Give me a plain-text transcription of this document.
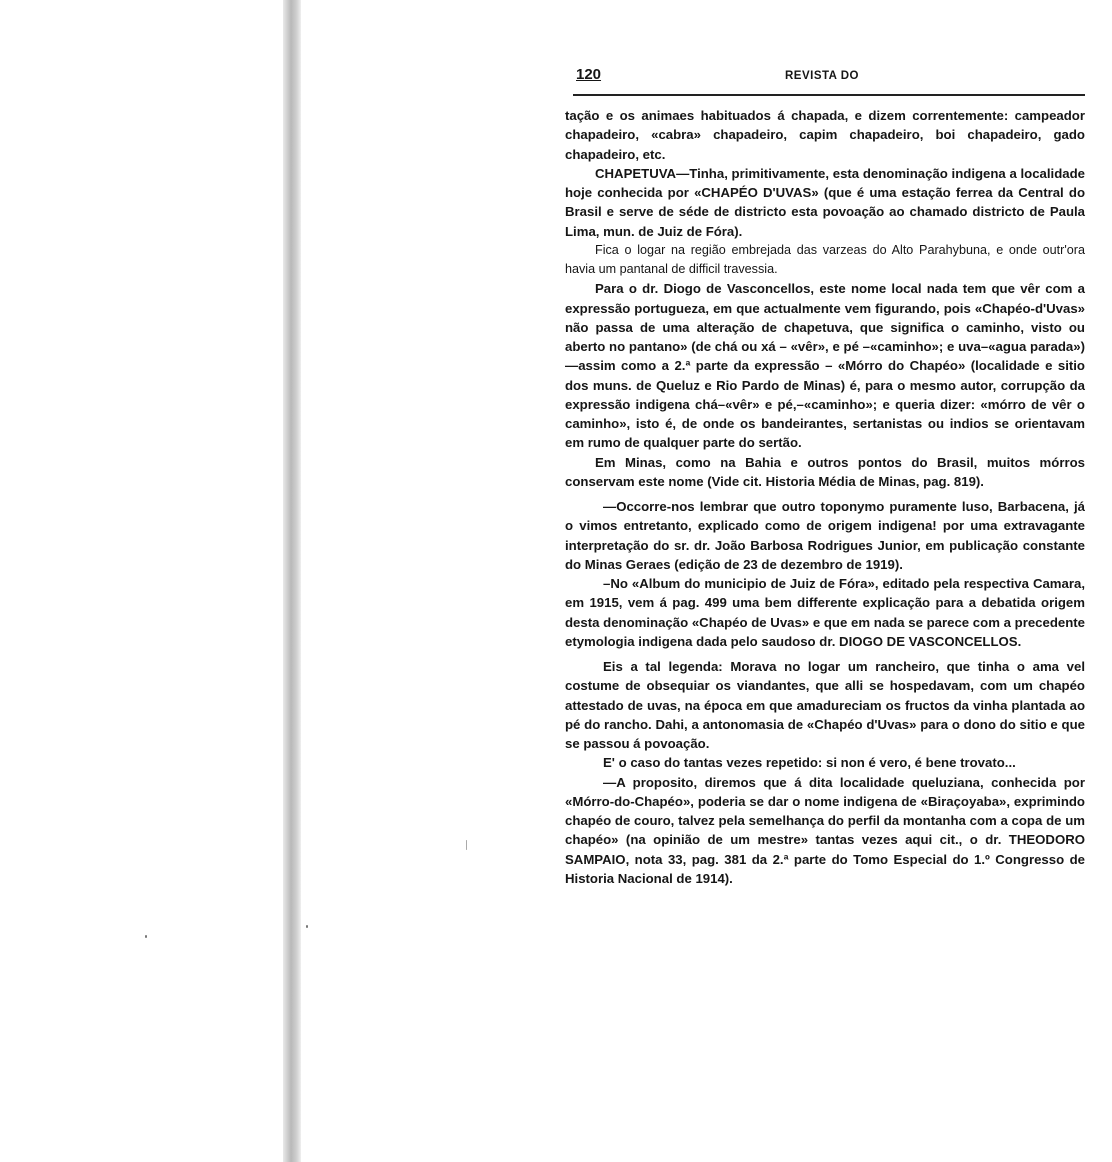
120	REVISTA DO

tação e os animaes habituados á chapada, e dizem correntemente: campeador chapadeiro, «cabra» chapadeiro, capim chapadeiro, boi chapadeiro, gado chapadeiro, etc.

CHAPETUVA—Tinha, primitivamente, esta denominação indigena a localidade hoje conhecida por «CHAPÉO D'UVAS» (que é uma estação ferrea da Central do Brasil e serve de séde de districto esta povoação ao chamado districto de Paula Lima, mun. de Juiz de Fóra).

Fica o logar na região embrejada das varzeas do Alto Parahybuna, e onde outr'ora havia um pantanal de difficil travessia.

Para o dr. Diogo de Vasconcellos, este nome local nada tem que vêr com a expressão portugueza, em que actualmente vem figurando, pois «Chapéo-d'Uvas» não passa de uma alteração de chapetuva, que significa o caminho, visto ou aberto no pantano» (de chá ou xá – «vêr», e pé –«caminho»; e uva–«agua parada»)—assim como a 2.ª parte da expressão – «Mórro do Chapéo» (localidade e sitio dos muns. de Queluz e Rio Pardo de Minas) é, para o mesmo autor, corrupção da expressão indigena chá–«vêr» e pé,–«caminho»; e queria dizer: «mórro de vêr o caminho», isto é, de onde os bandeirantes, sertanistas ou indios se orientavam em rumo de qualquer parte do sertão.

Em Minas, como na Bahia e outros pontos do Brasil, muitos mórros conservam este nome (Vide cit. Historia Média de Minas, pag. 819).

—Occorre-nos lembrar que outro toponymo puramente luso, Barbacena, já o vimos entretanto, explicado como de origem indigena! por uma extravagante interpretação do sr. dr. João Barbosa Rodrigues Junior, em publicação constante do Minas Geraes (edição de 23 de dezembro de 1919).

–No «Album do municipio de Juiz de Fóra», editado pela respectiva Camara, em 1915, vem á pag. 499 uma bem differente explicação para a debatida origem desta denominação «Chapéo de Uvas» e que em nada se parece com a precedente etymologia indigena dada pelo saudoso dr. DIOGO DE VASCONCELLOS.

Eis a tal legenda: Morava no logar um rancheiro, que tinha o ama vel costume de obsequiar os viandantes, que alli se hospedavam, com um chapéo attestado de uvas, na época em que amadureciam os fructos da vinha plantada ao pé do rancho. Dahi, a antonomasia de «Chapéo d'Uvas» para o dono do sitio e que se passou á povoação.

E' o caso do tantas vezes repetido: si non é vero, é bene trovato...

—A proposito, diremos que á dita localidade queluziana, conhecida por «Mórro-do-Chapéo», poderia se dar o nome indigena de «Biraçoyaba», exprimindo chapéo de couro, talvez pela semelhança do perfil da montanha com a copa de um chapéo» (na opinião de um mestre» tantas vezes aqui cit., o dr. THEODORO SAMPAIO, nota 33, pag. 381 da 2.ª parte do Tomo Especial do 1.º Congresso de Historia Nacional de 1914).
